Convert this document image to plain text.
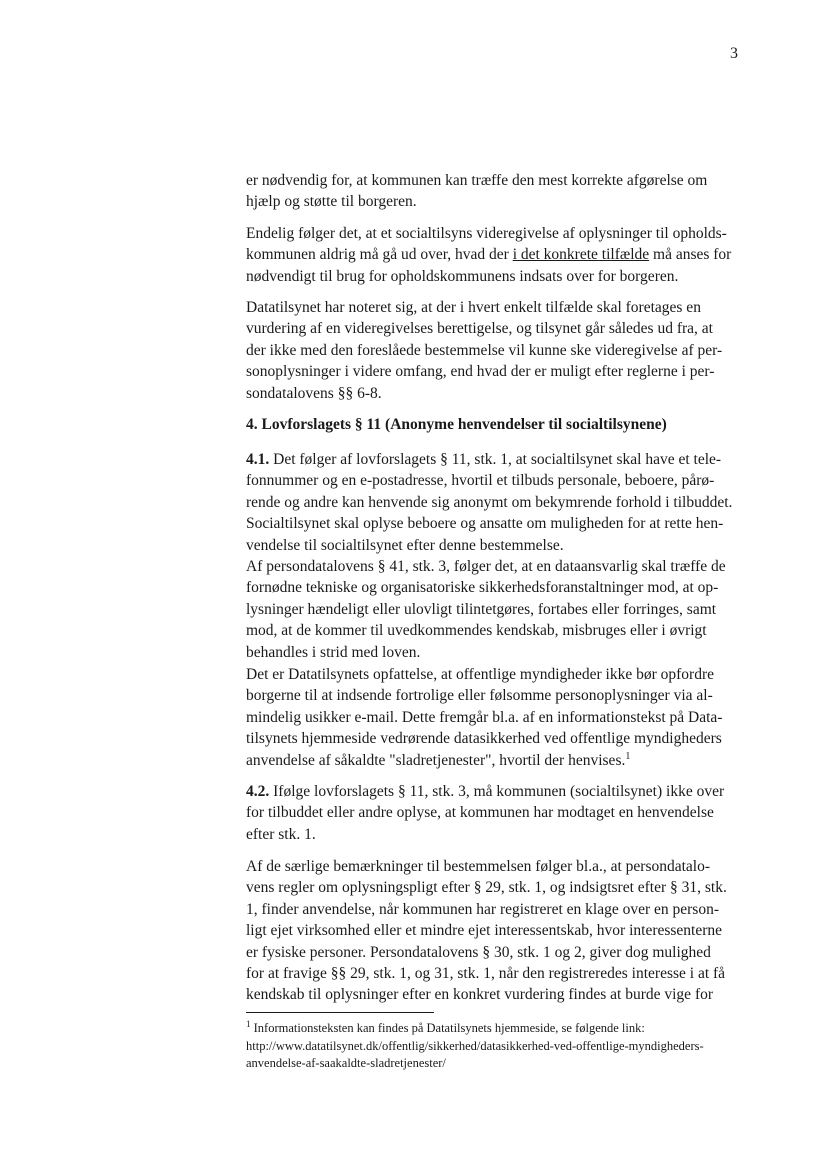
3
er nødvendig for, at kommunen kan træffe den mest korrekte afgørelse om
hjælp og støtte til borgeren.
Endelig følger det, at et socialtilsyns videregivelse af oplysninger til opholds-
kommunen aldrig må gå ud over, hvad der i det konkrete tilfælde må anses for
nødvendigt til brug for opholdskommunens indsats over for borgeren.
Datatilsynet har noteret sig, at der i hvert enkelt tilfælde skal foretages en
vurdering af en videregivelses berettigelse, og tilsynet går således ud fra, at
der ikke med den foreslåede bestemmelse vil kunne ske videregivelse af per-
sonoplysninger i videre omfang, end hvad der er muligt efter reglerne i per-
sondatalovens §§ 6-8.
4. Lovforslagets § 11 (Anonyme henvendelser til socialtilsynene)
4.1. Det følger af lovforslagets § 11, stk. 1, at socialtilsynet skal have et tele-
fonnummer og en e-postadresse, hvortil et tilbuds personale, beboere, pårø-
rende og andre kan henvende sig anonymt om bekymrende forhold i tilbuddet.
Socialtilsynet skal oplyse beboere og ansatte om muligheden for at rette hen-
vendelse til socialtilsynet efter denne bestemmelse.
Af persondatalovens § 41, stk. 3, følger det, at en dataansvarlig skal træffe de
fornødne tekniske og organisatoriske sikkerhedsforanstaltninger mod, at op-
lysninger hændeligt eller ulovligt tilintetgøres, fortabes eller forringes, samt
mod, at de kommer til uvedkommendes kendskab, misbruges eller i øvrigt
behandles i strid med loven.
Det er Datatilsynets opfattelse, at offentlige myndigheder ikke bør opfordre
borgerne til at indsende fortrolige eller følsomme personoplysninger via al-
mindelig usikker e-mail. Dette fremgår bl.a. af en informationstekst på Data-
tilsynets hjemmeside vedrørende datasikkerhed ved offentlige myndigheders
anvendelse af såkaldte "sladretjenester", hvortil der henvises.$^1$
4.2. Ifølge lovforslagets § 11, stk. 3, må kommunen (socialtilsynet) ikke over
for tilbuddet eller andre oplyse, at kommunen har modtaget en henvendelse
efter stk. 1.
Af de særlige bemærkninger til bestemmelsen følger bl.a., at persondatalo-
vens regler om oplysningspligt efter § 29, stk. 1, og indsigtsret efter § 31, stk.
1, finder anvendelse, når kommunen har registreret en klage over en person-
ligt ejet virksomhed eller et mindre ejet interessentskab, hvor interessenterne
er fysiske personer. Persondatalovens § 30, stk. 1 og 2, giver dog mulighed
for at fravige §§ 29, stk. 1, og 31, stk. 1, når den registreredes interesse i at få
kendskab til oplysninger efter en konkret vurdering findes at burde vige for
$^1$ Informationsteksten kan findes på Datatilsynets hjemmeside, se følgende link:
http://www.datatilsynet.dk/offentlig/sikkerhed/datasikkerhed-ved-offentlige-myndigheders-
anvendelse-af-saakaldte-sladretjenester/
